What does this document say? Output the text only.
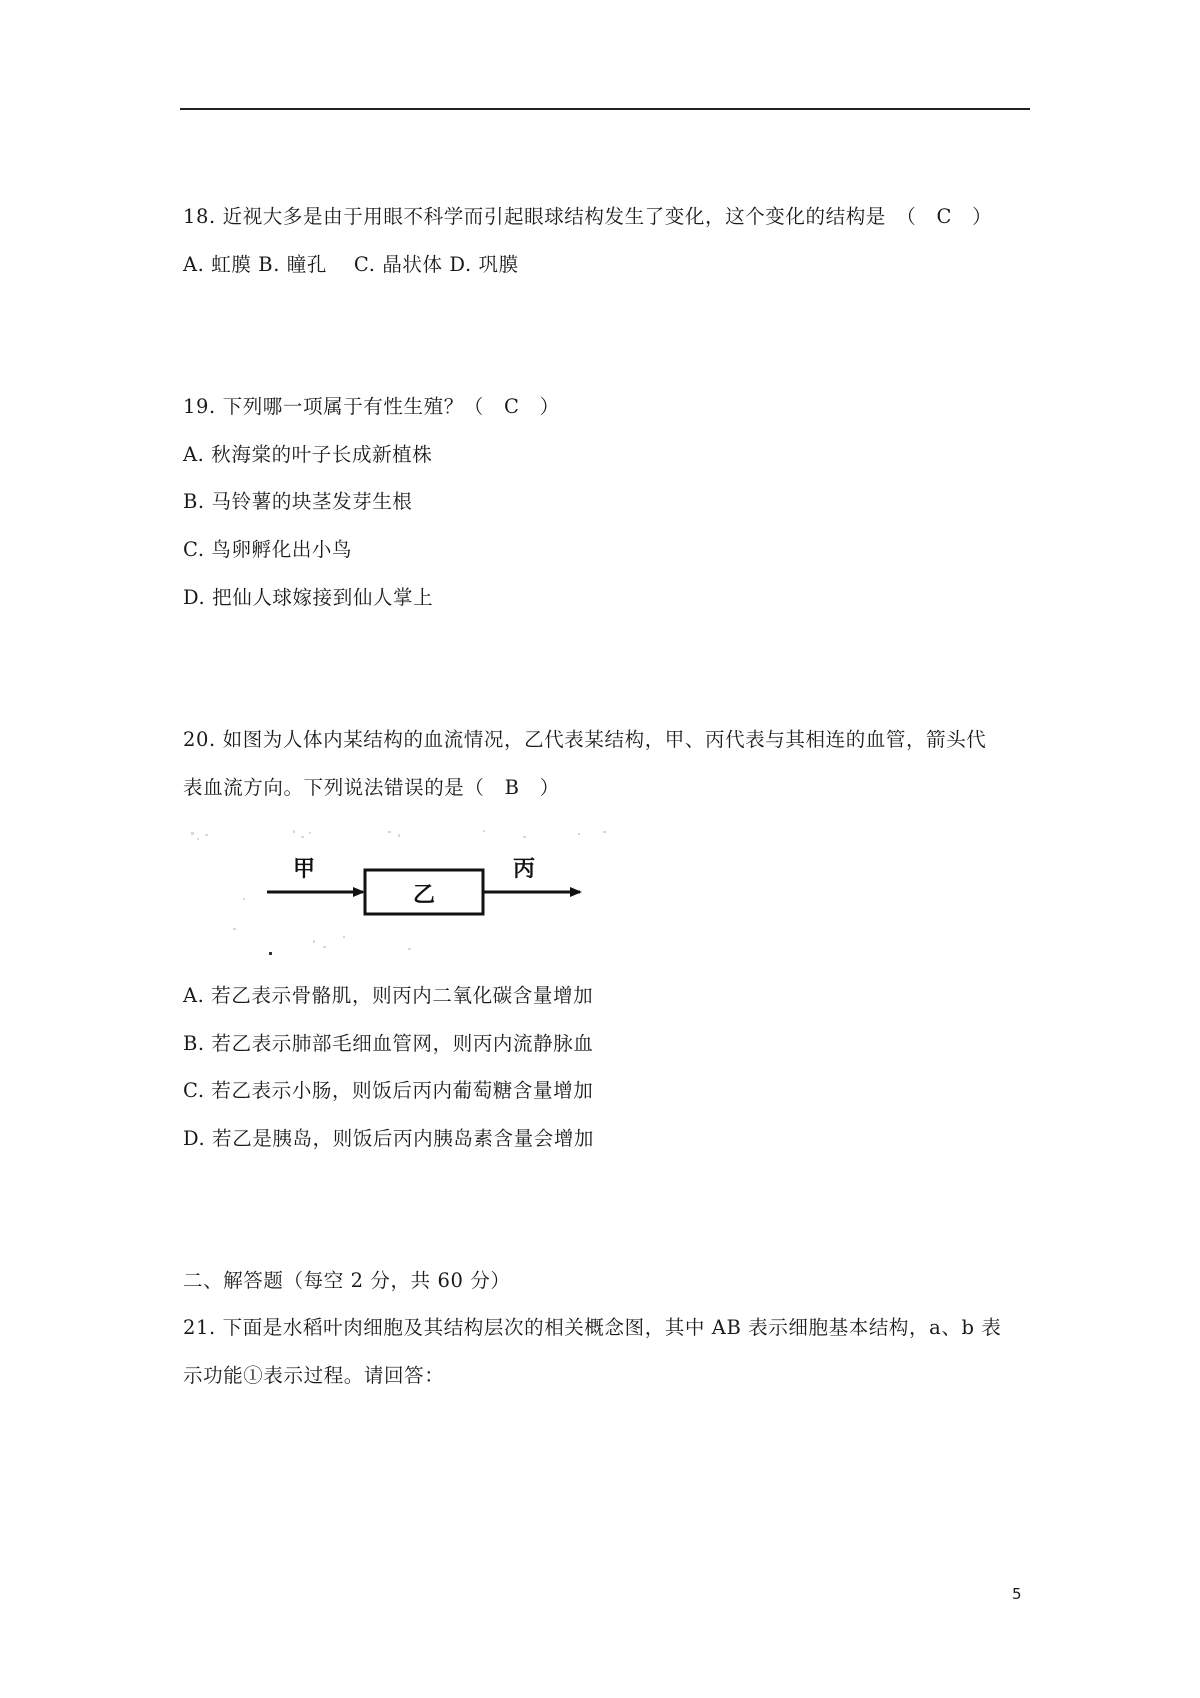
18. 近视大多是由于用眼不科学而引起眼球结构发生了变化，这个变化的结构是　（　C　）
A. 虹膜 B. 瞳孔　 C. 晶状体 D. 巩膜
19. 下列哪一项属于有性生殖？（　C　）
A. 秋海棠的叶子长成新植株
B. 马铃薯的块茎发芽生根
C. 鸟卵孵化出小鸟
D. 把仙人球嫁接到仙人掌上
20. 如图为人体内某结构的血流情况，乙代表某结构，甲、丙代表与其相连的血管，箭头代
表血流方向。下列说法错误的是（　B　）
甲
乙
丙
A. 若乙表示骨骼肌，则丙内二氧化碳含量增加
B. 若乙表示肺部毛细血管网，则丙内流静脉血
C. 若乙表示小肠，则饭后丙内葡萄糖含量增加
D. 若乙是胰岛，则饭后丙内胰岛素含量会增加
二、解答题（每空 2 分，共 60 分）
21. 下面是水稻叶肉细胞及其结构层次的相关概念图，其中 AB 表示细胞基本结构，a、b 表
示功能①表示过程。请回答：
5
